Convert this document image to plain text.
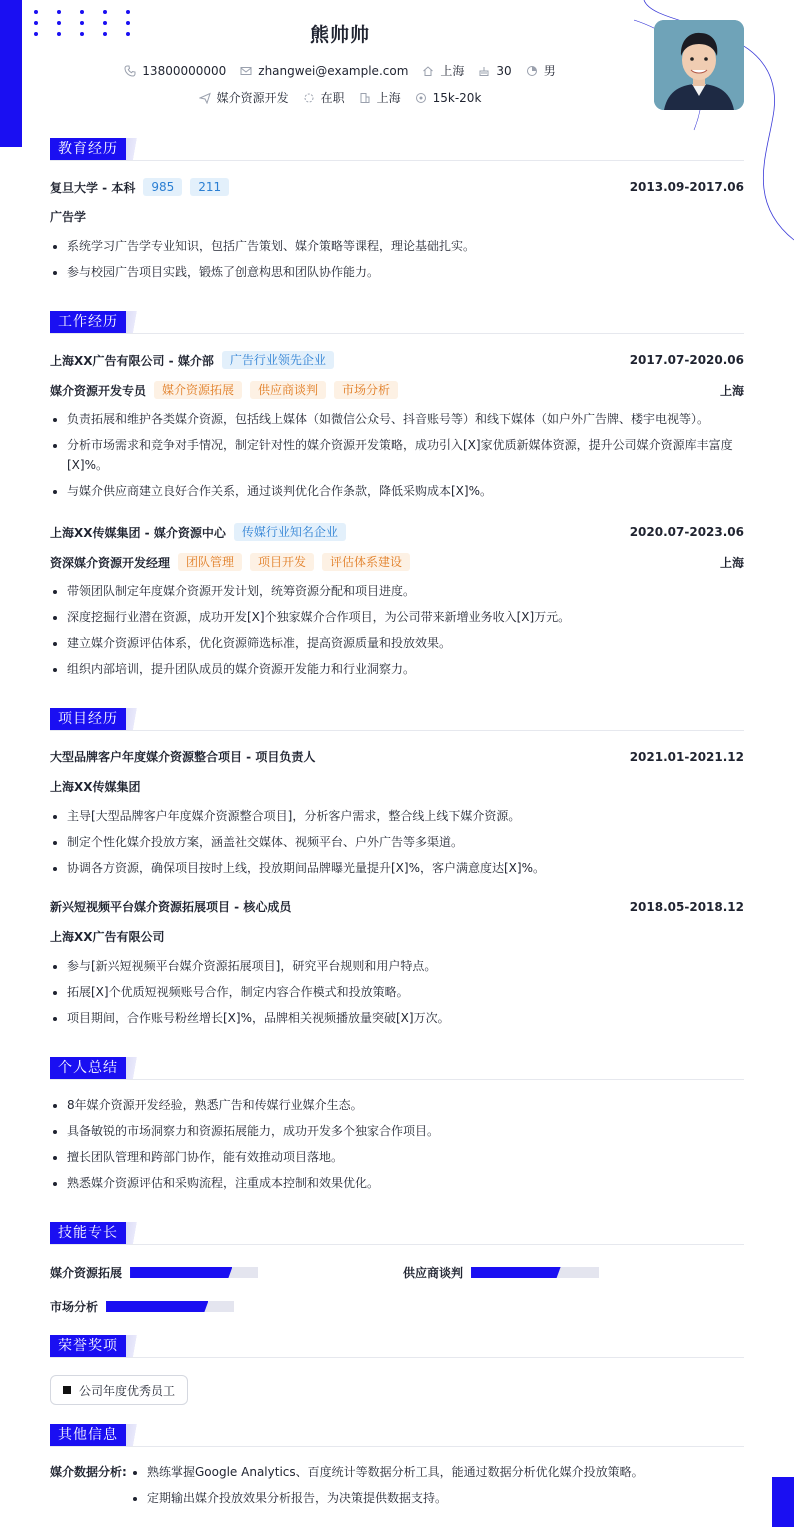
熊帅帅
13800000000	zhangwei@example.com	上海	30	男
媒介资源开发	在职	上海	15k-20k
教育经历
复旦大学 - 本科	985	211	2013.09-2017.06
广告学
系统学习广告学专业知识，包括广告策划、媒介策略等课程，理论基础扎实。
参与校园广告项目实践，锻炼了创意构思和团队协作能力。
工作经历
上海XX广告有限公司 - 媒介部	广告行业领先企业	2017.07-2020.06
媒介资源开发专员	媒介资源拓展	供应商谈判	市场分析	上海
负责拓展和维护各类媒介资源，包括线上媒体（如微信公众号、抖音账号等）和线下媒体（如户外广告牌、楼宇电视等）。
分析市场需求和竞争对手情况，制定针对性的媒介资源开发策略，成功引入[X]家优质新媒体资源，提升公司媒介资源库丰富度[X]%。
与媒介供应商建立良好合作关系，通过谈判优化合作条款，降低采购成本[X]%。
上海XX传媒集团 - 媒介资源中心	传媒行业知名企业	2020.07-2023.06
资深媒介资源开发经理	团队管理	项目开发	评估体系建设	上海
带领团队制定年度媒介资源开发计划，统筹资源分配和项目进度。
深度挖掘行业潜在资源，成功开发[X]个独家媒介合作项目，为公司带来新增业务收入[X]万元。
建立媒介资源评估体系，优化资源筛选标准，提高资源质量和投放效果。
组织内部培训，提升团队成员的媒介资源开发能力和行业洞察力。
项目经历
大型品牌客户年度媒介资源整合项目 - 项目负责人	2021.01-2021.12
上海XX传媒集团
主导[大型品牌客户年度媒介资源整合项目]，分析客户需求，整合线上线下媒介资源。
制定个性化媒介投放方案，涵盖社交媒体、视频平台、户外广告等多渠道。
协调各方资源，确保项目按时上线，投放期间品牌曝光量提升[X]%，客户满意度达[X]%。
新兴短视频平台媒介资源拓展项目 - 核心成员	2018.05-2018.12
上海XX广告有限公司
参与[新兴短视频平台媒介资源拓展项目]，研究平台规则和用户特点。
拓展[X]个优质短视频账号合作，制定内容合作模式和投放策略。
项目期间，合作账号粉丝增长[X]%，品牌相关视频播放量突破[X]万次。
个人总结
8年媒介资源开发经验，熟悉广告和传媒行业媒介生态。
具备敏锐的市场洞察力和资源拓展能力，成功开发多个独家合作项目。
擅长团队管理和跨部门协作，能有效推动项目落地。
熟悉媒介资源评估和采购流程，注重成本控制和效果优化。
技能专长
媒介资源拓展	供应商谈判
市场分析
荣誉奖项
公司年度优秀员工
其他信息
媒介数据分析:	熟练掌握Google Analytics、百度统计等数据分析工具，能通过数据分析优化媒介投放策略。
定期输出媒介投放效果分析报告，为决策提供数据支持。
